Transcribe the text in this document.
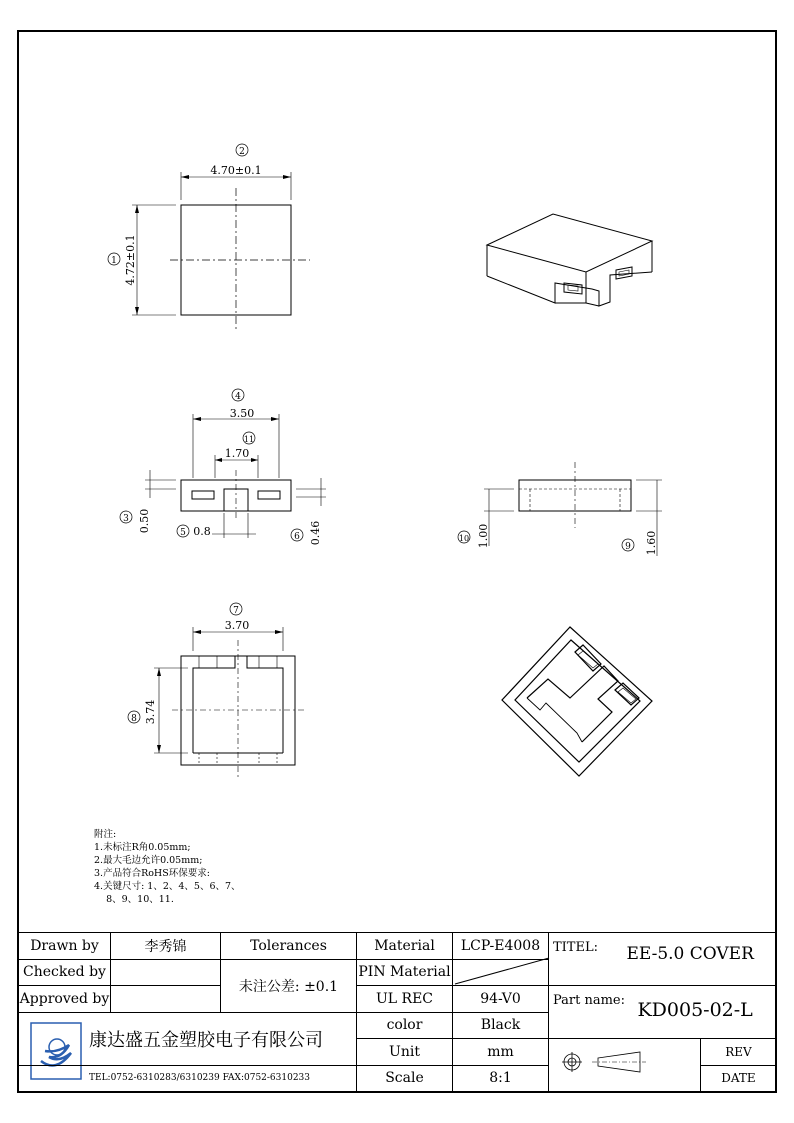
2
4.70±0.1
1 4.72±0.1
4
3.50
11
1.70
3 0.50	5 0.8	6 0.46	10 1.00	9 1.60
7
3.70
8 3.74
附注:
1.未标注R角0.05mm;
2.最大毛边允许0.05mm;
3.产品符合RoHS环保要求:
4.关键尺寸: 1、2、4、5、6、7、
8、9、10、11.
Drawn by	李秀锦	Tolerances	Material	LCP-E4008	TITEL: EE-5.0 COVER		
Checked by		未注公差: ±0.1	PIN Material				
Approved by			UL REC	94-V0	Part name: KD005-02-L		
康达盛五金塑胶电子有限公司			color	Black			
			Unit	mm		REV	
TEL:0752-6310283/6310239 FAX:0752-6310233			Scale	8:1		DATE	
